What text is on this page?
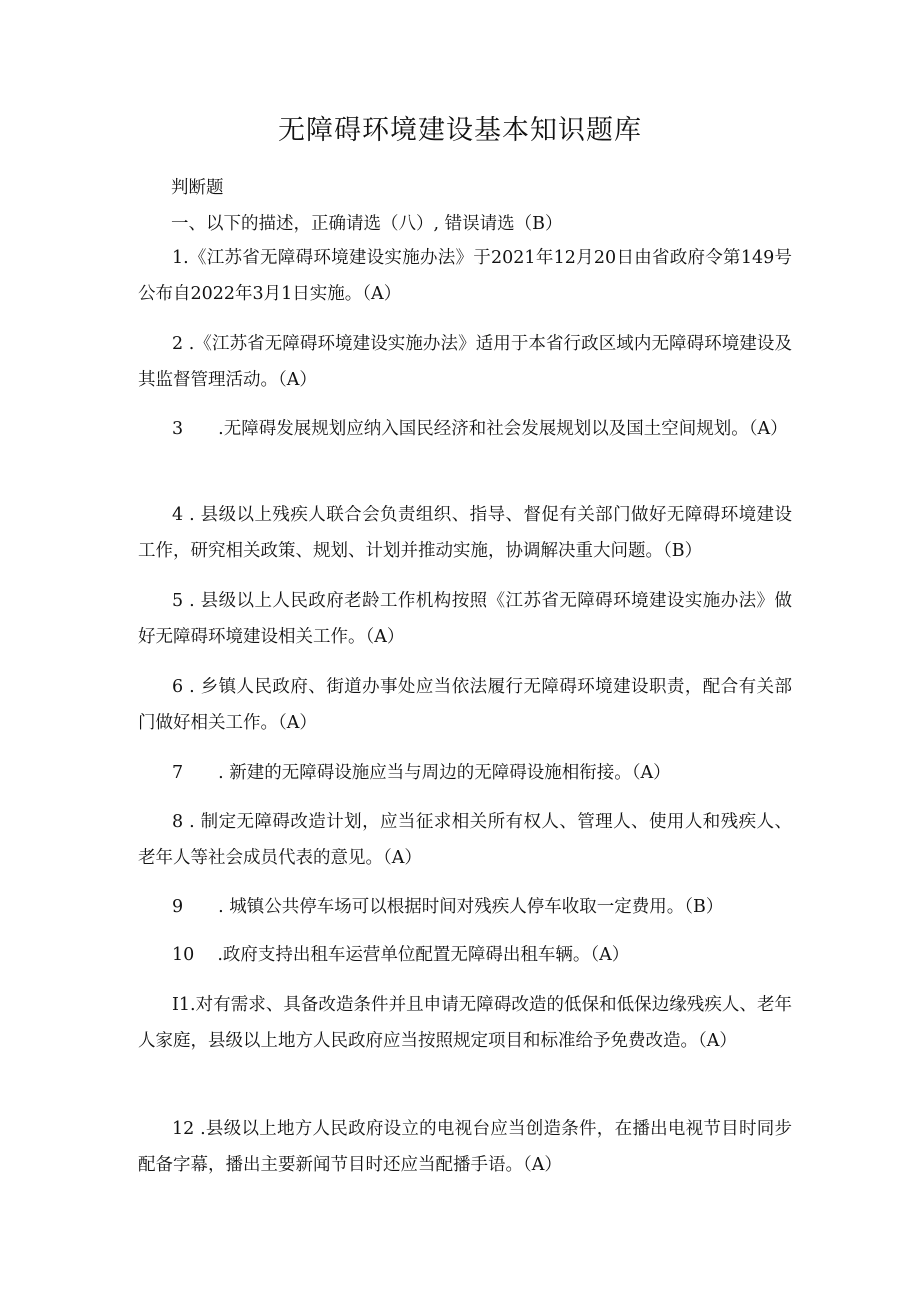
无障碍环境建设基本知识题库
判断题
一、以下的描述，正确请选（八）, 错误请选（B）
1.《江苏省无障碍环境建设实施办法》于2021年12月20日由省政府令第149号公布自2022年3月1日实施。（A）
2 .《江苏省无障碍环境建设实施办法》适用于本省行政区域内无障碍环境建设及其监督管理活动。（A）
3　　.无障碍发展规划应纳入国民经济和社会发展规划以及国土空间规划。（A）
4 . 县级以上残疾人联合会负责组织、指导、督促有关部门做好无障碍环境建设工作，研究相关政策、规划、计划并推动实施，协调解决重大问题。（B）
5 . 县级以上人民政府老龄工作机构按照《江苏省无障碍环境建设实施办法》做好无障碍环境建设相关工作。（A）
6 . 乡镇人民政府、街道办事处应当依法履行无障碍环境建设职责，配合有关部门做好相关工作。（A）
7　　. 新建的无障碍设施应当与周边的无障碍设施相衔接。（A）
8 . 制定无障碍改造计划，应当征求相关所有权人、管理人、使用人和残疾人、老年人等社会成员代表的意见。（A）
9　　. 城镇公共停车场可以根据时间对残疾人停车收取一定费用。（B）
10　 .政府支持出租车运营单位配置无障碍出租车辆。（A）
I1.对有需求、具备改造条件并且申请无障碍改造的低保和低保边缘残疾人、老年人家庭，县级以上地方人民政府应当按照规定项目和标准给予免费改造。（A）
12 .县级以上地方人民政府设立的电视台应当创造条件，在播出电视节目时同步配备字幕，播出主要新闻节目时还应当配播手语。（A）
